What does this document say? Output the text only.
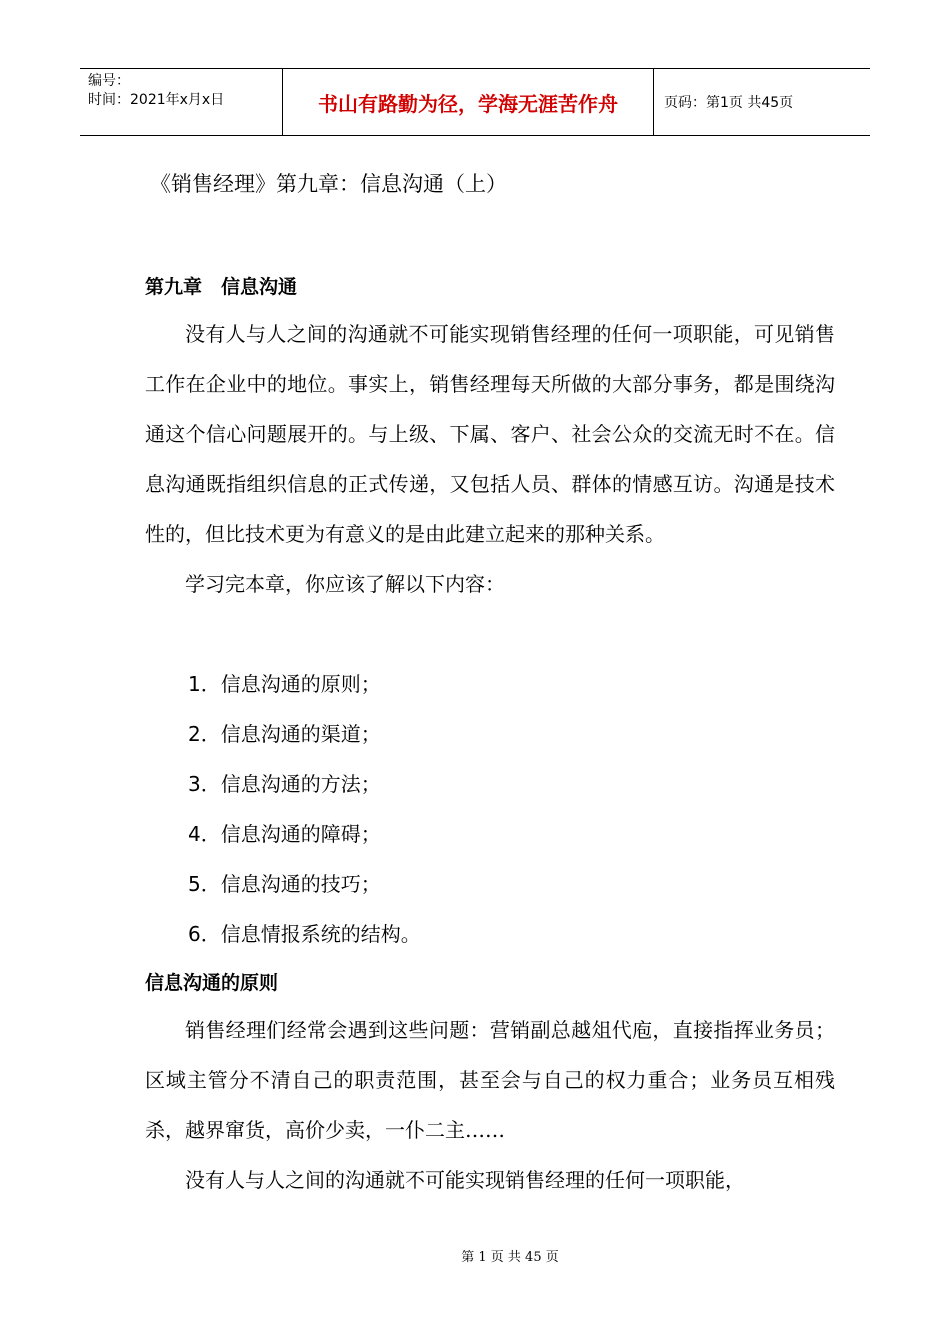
编号：
时间：2021年x月x日	书山有路勤为径，学海无涯苦作舟	页码：第1页 共45页
《销售经理》第九章：信息沟通（上）
第九章　信息沟通

没有人与人之间的沟通就不可能实现销售经理的任何一项职能，可见销售工作在企业中的地位。事实上，销售经理每天所做的大部分事务，都是围绕沟通这个信心问题展开的。与上级、下属、客户、社会公众的交流无时不在。信息沟通既指组织信息的正式传递，又包括人员、群体的情感互访。沟通是技术性的，但比技术更为有意义的是由此建立起来的那种关系。

学习完本章，你应该了解以下内容：

1．信息沟通的原则；
2．信息沟通的渠道；
3．信息沟通的方法；
4．信息沟通的障碍；
5．信息沟通的技巧；
6．信息情报系统的结构。
信息沟通的原则

销售经理们经常会遇到这些问题：营销副总越俎代庖，直接指挥业务员；区域主管分不清自己的职责范围，甚至会与自己的权力重合；业务员互相残杀，越界窜货，高价少卖，一仆二主……

没有人与人之间的沟通就不可能实现销售经理的任何一项职能，

第 1 页 共 45 页
